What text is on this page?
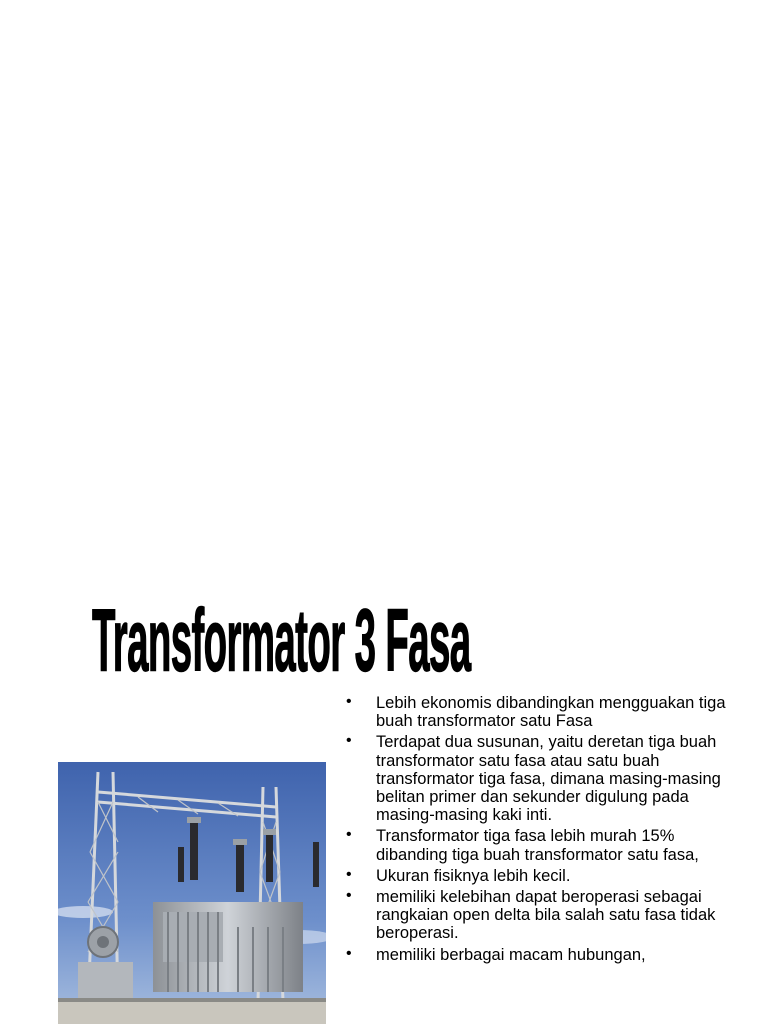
Transformator 3 Fasa
• Lebih ekonomis dibandingkan mengguakan tiga buah transformator satu Fasa
• Terdapat dua susunan, yaitu deretan tiga buah transformator satu fasa atau satu buah transformator tiga fasa, dimana masing-masing belitan primer dan sekunder digulung pada masing-masing kaki inti.
• Transformator tiga fasa lebih murah 15% dibanding tiga buah transformator satu fasa,
• Ukuran fisiknya lebih kecil.
• memiliki kelebihan dapat beroperasi sebagai rangkaian open delta bila salah satu fasa tidak beroperasi.
• memiliki berbagai macam hubungan,
